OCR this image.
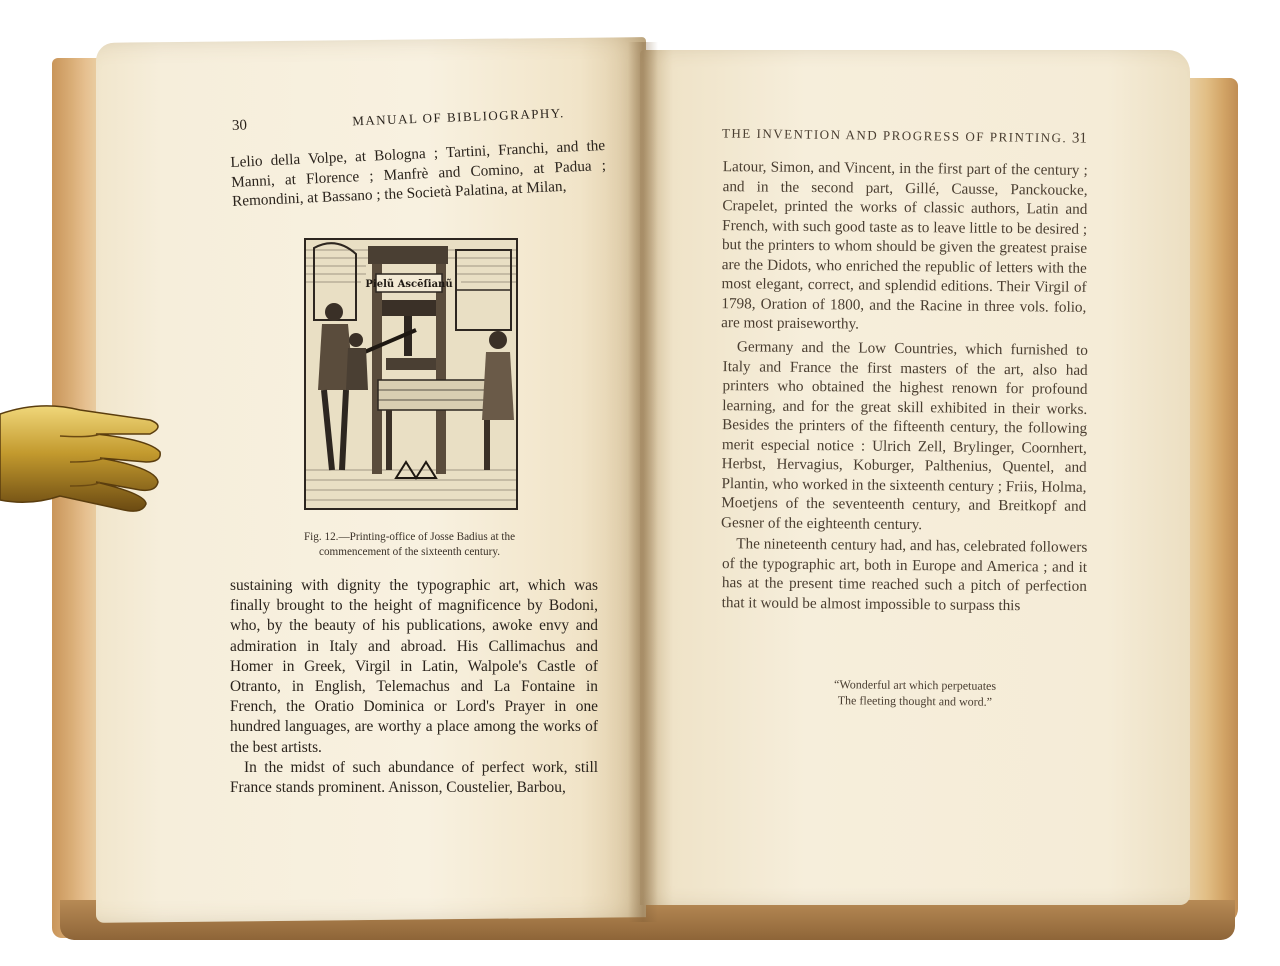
30	MANUAL OF BIBLIOGRAPHY.

Lelio della Volpe, at Bologna ; Tartini, Franchi, and the Manni, at Florence ; Manfrè and Comino, at Padua ; Remondini, at Bassano ; the Società Palatina, at Milan,

Pielũ Ascēſianũ
Fig. 12.—Printing-office of Josse Badius at the
commencement of the sixteenth century.

sustaining with dignity the typographic art, which was finally brought to the height of magnificence by Bodoni, who, by the beauty of his publications, awoke envy and admiration in Italy and abroad. His Callimachus and Homer in Greek, Virgil in Latin, Walpole's Castle of Otranto, in English, Telemachus and La Fontaine in French, the Oratio Dominica or Lord's Prayer in one hundred languages, are worthy a place among the works of the best artists.

In the midst of such abundance of perfect work, still France stands prominent. Anisson, Coustelier, Barbou,

THE INVENTION AND PROGRESS OF PRINTING. 31

Latour, Simon, and Vincent, in the first part of the century ; and in the second part, Gillé, Causse, Panckoucke, Crapelet, printed the works of classic authors, Latin and French, with such good taste as to leave little to be desired ; but the printers to whom should be given the greatest praise are the Didots, who enriched the republic of letters with the most elegant, correct, and splendid editions. Their Virgil of 1798, Oration of 1800, and the Racine in three vols. folio, are most praiseworthy.

Germany and the Low Countries, which furnished to Italy and France the first masters of the art, also had printers who obtained the highest renown for profound learning, and for the great skill exhibited in their works. Besides the printers of the fifteenth century, the following merit especial notice : Ulrich Zell, Brylinger, Coornhert, Herbst, Hervagius, Koburger, Palthenius, Quentel, and Plantin, who worked in the sixteenth century ; Friis, Holma, Moetjens of the seventeenth century, and Breitkopf and Gesner of the eighteenth century.

The nineteenth century had, and has, celebrated followers of the typographic art, both in Europe and America ; and it has at the present time reached such a pitch of perfection that it would be almost impossible to surpass this

“Wonderful art which perpetuates
The fleeting thought and word.”
